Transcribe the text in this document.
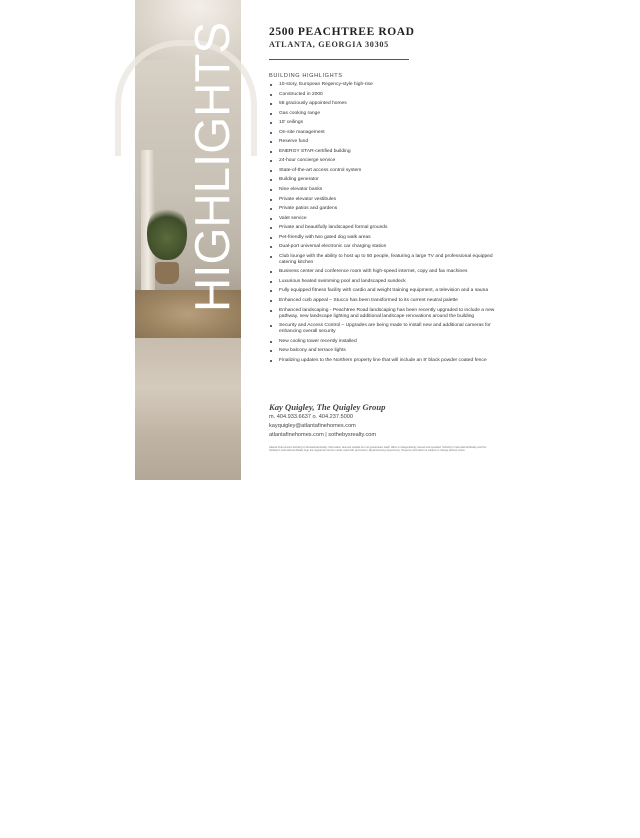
HIGHLIGHTS
Atlanta Fine
Homes
Sotheby's
INTERNATIONAL REALTY
2500 PEACHTREE ROAD
ATLANTA, GEORGIA 30305
BUILDING HIGHLIGHTS
10-story, European Regency-style high-rise
Constructed in 2000
58 graciously appointed homes
Gas cooking range
10' ceilings
On-site management
Reserve fund
ENERGY STAR-certified building
24-hour concierge service
State-of-the-art access control system
Building generator
Nine elevator banks
Private elevator vestibules
Private patios and gardens
Valet service
Private and beautifully landscaped formal grounds
Pet-friendly with two gated dog walk areas
Dual-port universal electronic car charging station
Club lounge with the ability to host up to 50 people, featuring a large TV and professional equipped catering kitchen
Business center and conference room with high-speed internet, copy and fax machines
Luxurious heated swimming pool and landscaped sundeck
Fully equipped fitness facility with cardio and weight training equipment, a television and a sauna
Enhanced curb appeal – Stucco has been transformed to its current neutral palette
Enhanced landscaping - Peachtree Road landscaping has been recently upgraded to include a new pathway, new landscape lighting and additional landscape renovations around the building
Security and Access Control – Upgrades are being made to install new and additional cameras for enhancing overall security
New cooling tower recently installed
New balcony and terrace lights
Finalizing updates to the Northern property line that will include an 8' black powder coated fence
Kay Quigley, The Quigley Group
m. 404.933.6637 o. 404.237.5000
kayquigley@atlantafinehomes.com
atlantafinehomes.com | sothebysrealty.com
Atlanta Fine Homes Sotheby's International Realty. Information deemed reliable but not guaranteed. Each office is independently owned and operated. Sotheby's International Realty and the Sotheby's International Realty logo are registered service marks used with permission. Equal Housing Opportunity. Property information is subject to change without notice.
